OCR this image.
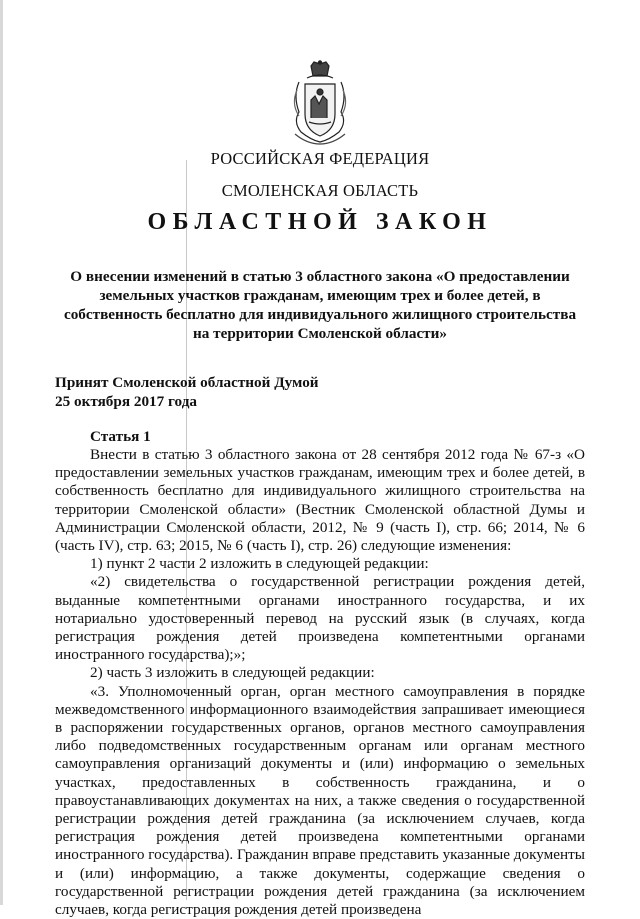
РОССИЙСКАЯ ФЕДЕРАЦИЯ
СМОЛЕНСКАЯ ОБЛАСТЬ
ОБЛАСТНОЙ ЗАКОН
О внесении изменений в статью 3 областного закона «О предоставлении земельных участков гражданам, имеющим трех и более детей, в собственность бесплатно для индивидуального жилищного строительства на территории Смоленской области»
Принят Смоленской областной Думой
25 октября 2017 года
Статья 1

Внести в статью 3 областного закона от 28 сентября 2012 года № 67-з «О предоставлении земельных участков гражданам, имеющим трех и более детей, в собственность бесплатно для индивидуального жилищного строительства на территории Смоленской области» (Вестник Смоленской областной Думы и Администрации Смоленской области, 2012, № 9 (часть I), стр. 66; 2014, № 6 (часть IV), стр. 63; 2015, № 6 (часть I), стр. 26) следующие изменения:

1) пункт 2 части 2 изложить в следующей редакции:

«2) свидетельства о государственной регистрации рождения детей, выданные компетентными органами иностранного государства, и их нотариально удостоверенный перевод на русский язык (в случаях, когда регистрация рождения детей произведена компетентными органами иностранного государства);»;

2) часть 3 изложить в следующей редакции:

«3. Уполномоченный орган, орган местного самоуправления в порядке межведомственного информационного взаимодействия запрашивает имеющиеся в распоряжении государственных органов, органов местного самоуправления либо подведомственных государственным органам или органам местного самоуправления организаций документы и (или) информацию о земельных участках, предоставленных в собственность гражданина, и о правоустанавливающих документах на них, а также сведения о государственной регистрации рождения детей гражданина (за исключением случаев, когда регистрация рождения детей произведена компетентными органами иностранного государства). Гражданин вправе представить указанные документы и (или) информацию, а также документы, содержащие сведения о государственной регистрации рождения детей гражданина (за исключением случаев, когда регистрация рождения детей произведена
